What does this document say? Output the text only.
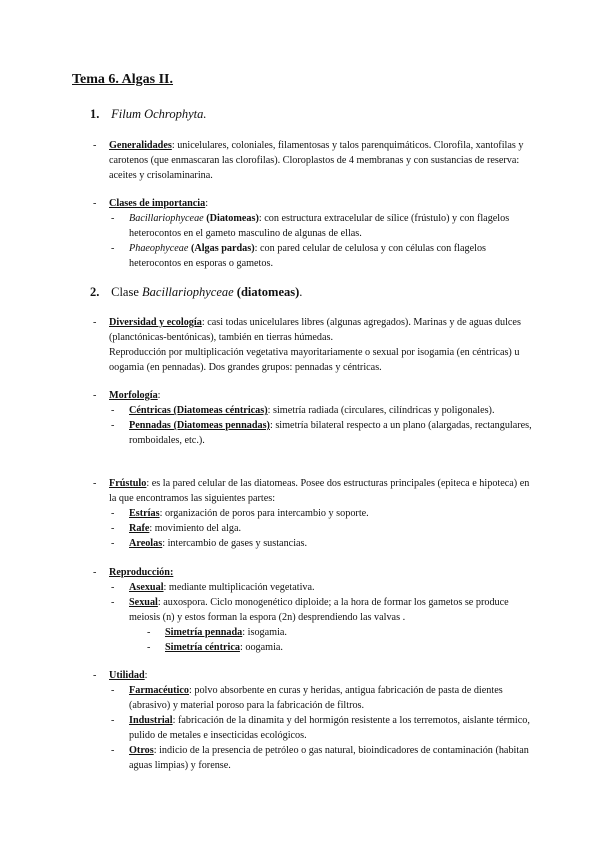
Tema 6. Algas II.
1. Filum Ochrophyta.
- Generalidades: unicelulares, coloniales, filamentosas y talos parenquimáticos. Clorofila, xantofilas y carotenos (que enmascaran las clorofilas). Cloroplastos de 4 membranas y con sustancias de reserva: aceites y crisolaminarina.
- Clases de importancia:
- Bacillariophyceae (Diatomeas): con estructura extracelular de sílice (frústulo) y con flagelos heterocontos en el gameto masculino de algunas de ellas.
- Phaeophyceae (Algas pardas): con pared celular de celulosa y con células con flagelos heterocontos en esporas o gametos.
2. Clase Bacillariophyceae (diatomeas).
- Diversidad y ecología: casi todas unicelulares libres (algunas agregados). Marinas y de aguas dulces (planctónicas-bentónicas), también en tierras húmedas.
Reproducción por multiplicación vegetativa mayoritariamente o sexual por isogamia (en céntricas) u oogamia (en pennadas). Dos grandes grupos: pennadas y céntricas.
- Morfología:
- Céntricas (Diatomeas céntricas): simetría radiada (circulares, cilíndricas y poligonales).
- Pennadas (Diatomeas pennadas): simetría bilateral respecto a un plano (alargadas, rectangulares, romboidales, etc.).
- Frústulo: es la pared celular de las diatomeas. Posee dos estructuras principales (epiteca e hipoteca) en la que encontramos las siguientes partes:
- Estrías: organización de poros para intercambio y soporte.
- Rafe: movimiento del alga.
- Areolas: intercambio de gases y sustancias.
- Reproducción:
- Asexual: mediante multiplicación vegetativa.
- Sexual: auxospora. Ciclo monogenético diploide; a la hora de formar los gametos se produce meiosis (n) y estos forman la espora (2n) desprendiendo las valvas .
- Simetría pennada: isogamia.
- Simetría céntrica: oogamia.
- Utilidad:
- Farmacéutico: polvo absorbente en curas y heridas, antigua fabricación de pasta de dientes (abrasivo) y material poroso para la fabricación de filtros.
- Industrial: fabricación de la dinamita y del hormigón resistente a los terremotos, aislante térmico, pulido de metales e insecticidas ecológicos.
- Otros: indicio de la presencia de petróleo o gas natural, bioindicadores de contaminación (habitan aguas limpias) y forense.
